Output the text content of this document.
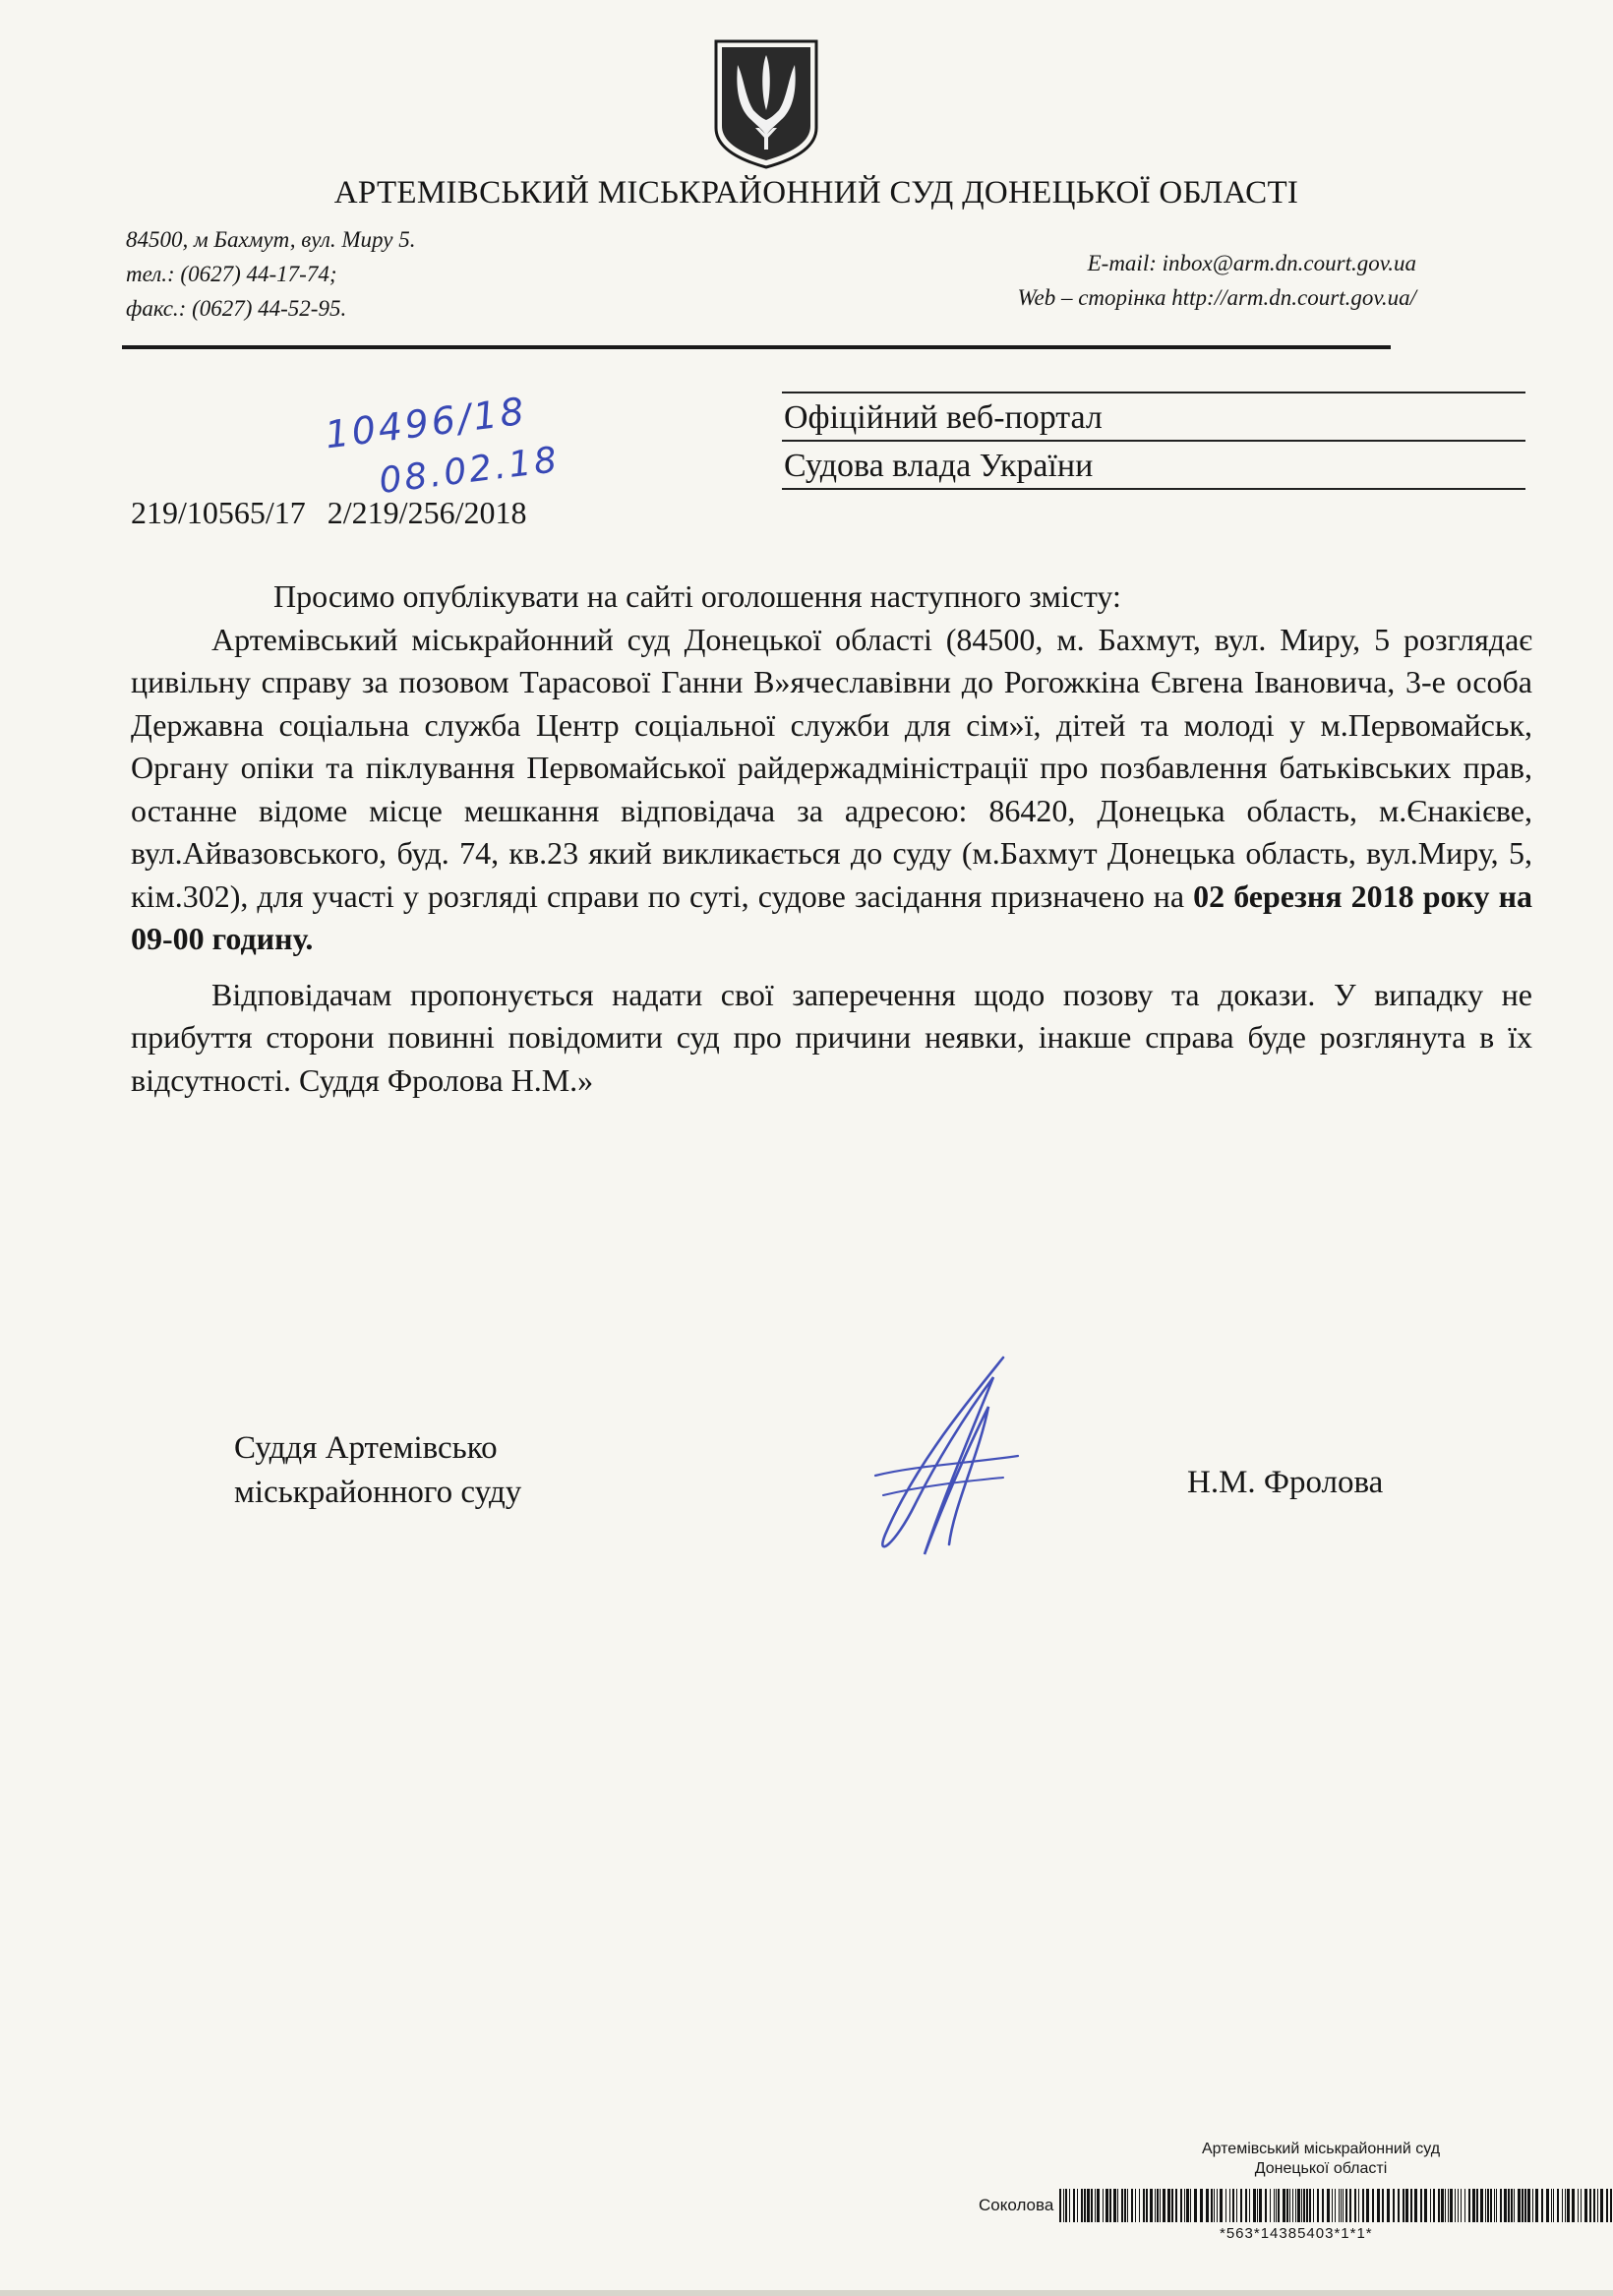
АРТЕМІВСЬКИЙ МІСЬКРАЙОННИЙ СУД ДОНЕЦЬКОЇ ОБЛАСТІ
84500, м Бахмут, вул. Миру 5.
тел.: (0627) 44-17-74;
факс.: (0627) 44-52-95.
E-mail: inbox@arm.dn.court.gov.ua
Web – сторінка http://arm.dn.court.gov.ua/
10496/18
08.02.18
Офіційний веб-портал
Судова влада України
219/10565/17 2/219/256/2018

Просимо опублікувати на сайті оголошення наступного змісту:

Артемівський міськрайонний суд Донецької області (84500, м. Бахмут, вул. Миру, 5 розглядає цивільну справу за позовом Тарасової Ганни В»ячеславівни до Рогожкіна Євгена Івановича, 3-е особа Державна соціальна служба Центр соціальної служби для сім»ї, дітей та молоді у м.Первомайськ, Органу опіки та піклування Первомайської райдержадміністрації про позбавлення батьківських прав, останне відоме місце мешкання відповідача за адресою: 86420, Донецька область, м.Єнакієве, вул.Айвазовського, буд. 74, кв.23 який викликається до суду (м.Бахмут Донецька область, вул.Миру, 5, кім.302), для участі у розгляді справи по суті, судове засідання призначено на 02 березня 2018 року на 09-00 годину.

Відповідачам пропонується надати свої заперечення щодо позову та докази. У випадку не прибуття сторони повинні повідомити суд про причини неявки, інакше справа буде розглянута в їх відсутності. Суддя Фролова Н.М.»

Суддя Артемівсько
міськрайонного суду	Н.М. Фролова
Артемівський міськрайонний суд
Донецької області
Соколова
*563*14385403*1*1*
